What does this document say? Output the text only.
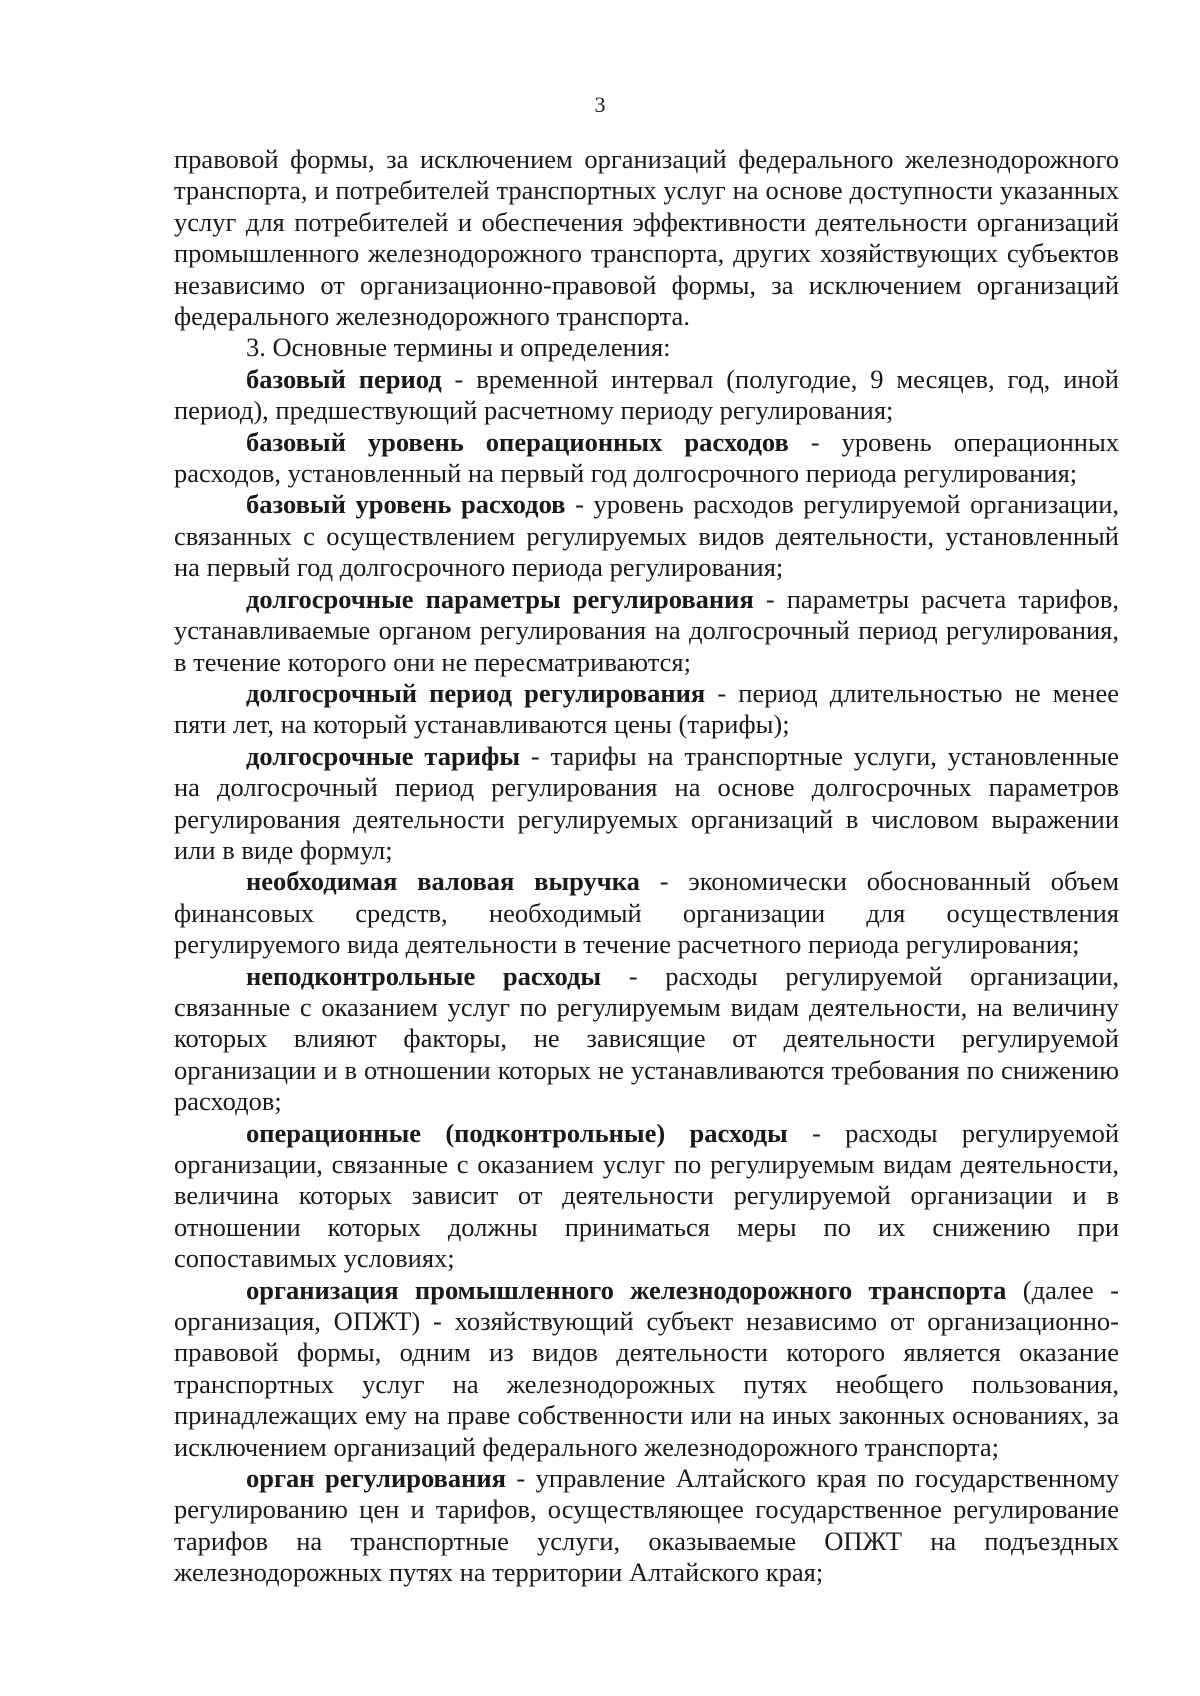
3

правовой формы, за исключением организаций федерального железнодорожного транспорта, и потребителей транспортных услуг на основе доступности указанных услуг для потребителей и обеспечения эффективности деятельности организаций промышленного железнодорожного транспорта, других хозяйствующих субъектов независимо от организационно-правовой формы, за исключением организаций федерального железнодорожного транспорта.

3. Основные термины и определения:

базовый период - временной интервал (полугодие, 9 месяцев, год, иной период), предшествующий расчетному периоду регулирования;

базовый уровень операционных расходов - уровень операционных расходов, установленный на первый год долгосрочного периода регулирования;

базовый уровень расходов - уровень расходов регулируемой организации, связанных с осуществлением регулируемых видов деятельности, установленный на первый год долгосрочного периода регулирования;

долгосрочные параметры регулирования - параметры расчета тарифов, устанавливаемые органом регулирования на долгосрочный период регулирования, в течение которого они не пересматриваются;

долгосрочный период регулирования - период длительностью не менее пяти лет, на который устанавливаются цены (тарифы);

долгосрочные тарифы - тарифы на транспортные услуги, установленные на долгосрочный период регулирования на основе долгосрочных параметров регулирования деятельности регулируемых организаций в числовом выражении или в виде формул;

необходимая валовая выручка - экономически обоснованный объем финансовых средств, необходимый организации для осуществления регулируемого вида деятельности в течение расчетного периода регулирования;

неподконтрольные расходы - расходы регулируемой организации, связанные с оказанием услуг по регулируемым видам деятельности, на величину которых влияют факторы, не зависящие от деятельности регулируемой организации и в отношении которых не устанавливаются требования по снижению расходов;

операционные (подконтрольные) расходы - расходы регулируемой организации, связанные с оказанием услуг по регулируемым видам деятельности, величина которых зависит от деятельности регулируемой организации и в отношении которых должны приниматься меры по их снижению при сопоставимых условиях;

организация промышленного железнодорожного транспорта (далее - организация, ОПЖТ) - хозяйствующий субъект независимо от организационно-правовой формы, одним из видов деятельности которого является оказание транспортных услуг на железнодорожных путях необщего пользования, принадлежащих ему на праве собственности или на иных законных основаниях, за исключением организаций федерального железнодорожного транспорта;

орган регулирования - управление Алтайского края по государственному регулированию цен и тарифов, осуществляющее государственное регулирование тарифов на транспортные услуги, оказываемые ОПЖТ на подъездных железнодорожных путях на территории Алтайского края;
